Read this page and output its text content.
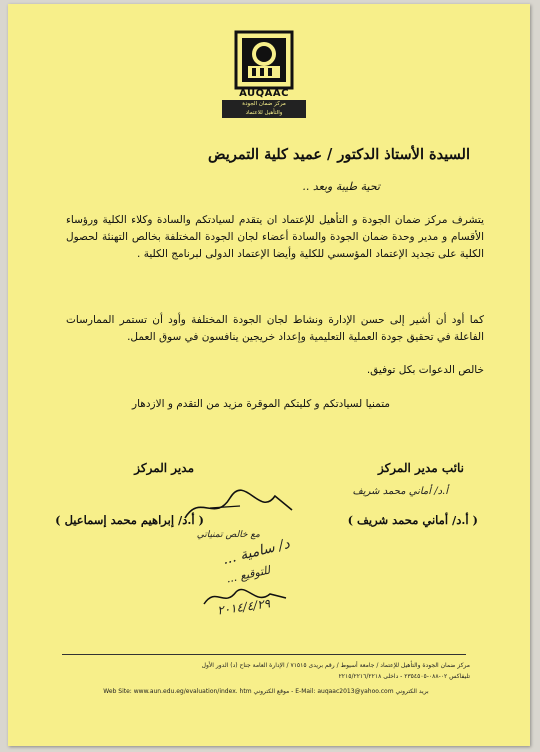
AUQAAC
مركز ضمان الجودة
والتأهيل للاعتماد
السيدة الأستاذ الدكتور / عميد كلية التمريض
تحية طيبة وبعد ..
يتشرف مركز ضمان الجودة و التأهيل للإعتماد ان يتقدم لسيادتكم والسادة وكلاء الكلية ورؤساء الأقسام و مدير وحدة ضمان الجودة والسادة أعضاء لجان الجودة المختلفة بخالص التهنئة لحصول الكلية على تجديد الإعتماد المؤسسي للكلية وأيضا الإعتماد الدولى لبرنامج الكلية .
كما أود أن أشير إلى حسن الإدارة ونشاط لجان الجودة المختلفة وأود أن تستمر الممارسات الفاعلة في تحقيق جودة العملية التعليمية وإعداد خريجين ينافسون في سوق العمل.
خالص الدعوات بكل توفيق.
متمنيا لسيادتكم و كليتكم الموقرة مزيد من التقدم و الازدهار
نائب مدير المركز
مدير المركز
أ.د/ أماني محمد شريف
( أ.د/ أماني محمد شريف )
( أ.د/ إبراهيم محمد إسماعيل )
مع خالص تمنياتي
د/ سامية ...
للتوقيع ...
٢٠١٤/٤/٢٩
مركز ضمان الجودة والتأهيل للإعتماد / جامعة أسيوط / رقم بريدى ٧١٥١٥ / الإدارة العامة جناح (د) الدور الأول
تليفاكس ٠٢-٠٨٨-٢٣٥٤٥٠٥ - داخلى ٢٢١٥/٢٢١٦/٢٢١٨
Web Site: www.aun.edu.eg/evaluation/index. htm موقع الكتروني - E-Mail: auqaac2013@yahoo.com بريد الكتروني
